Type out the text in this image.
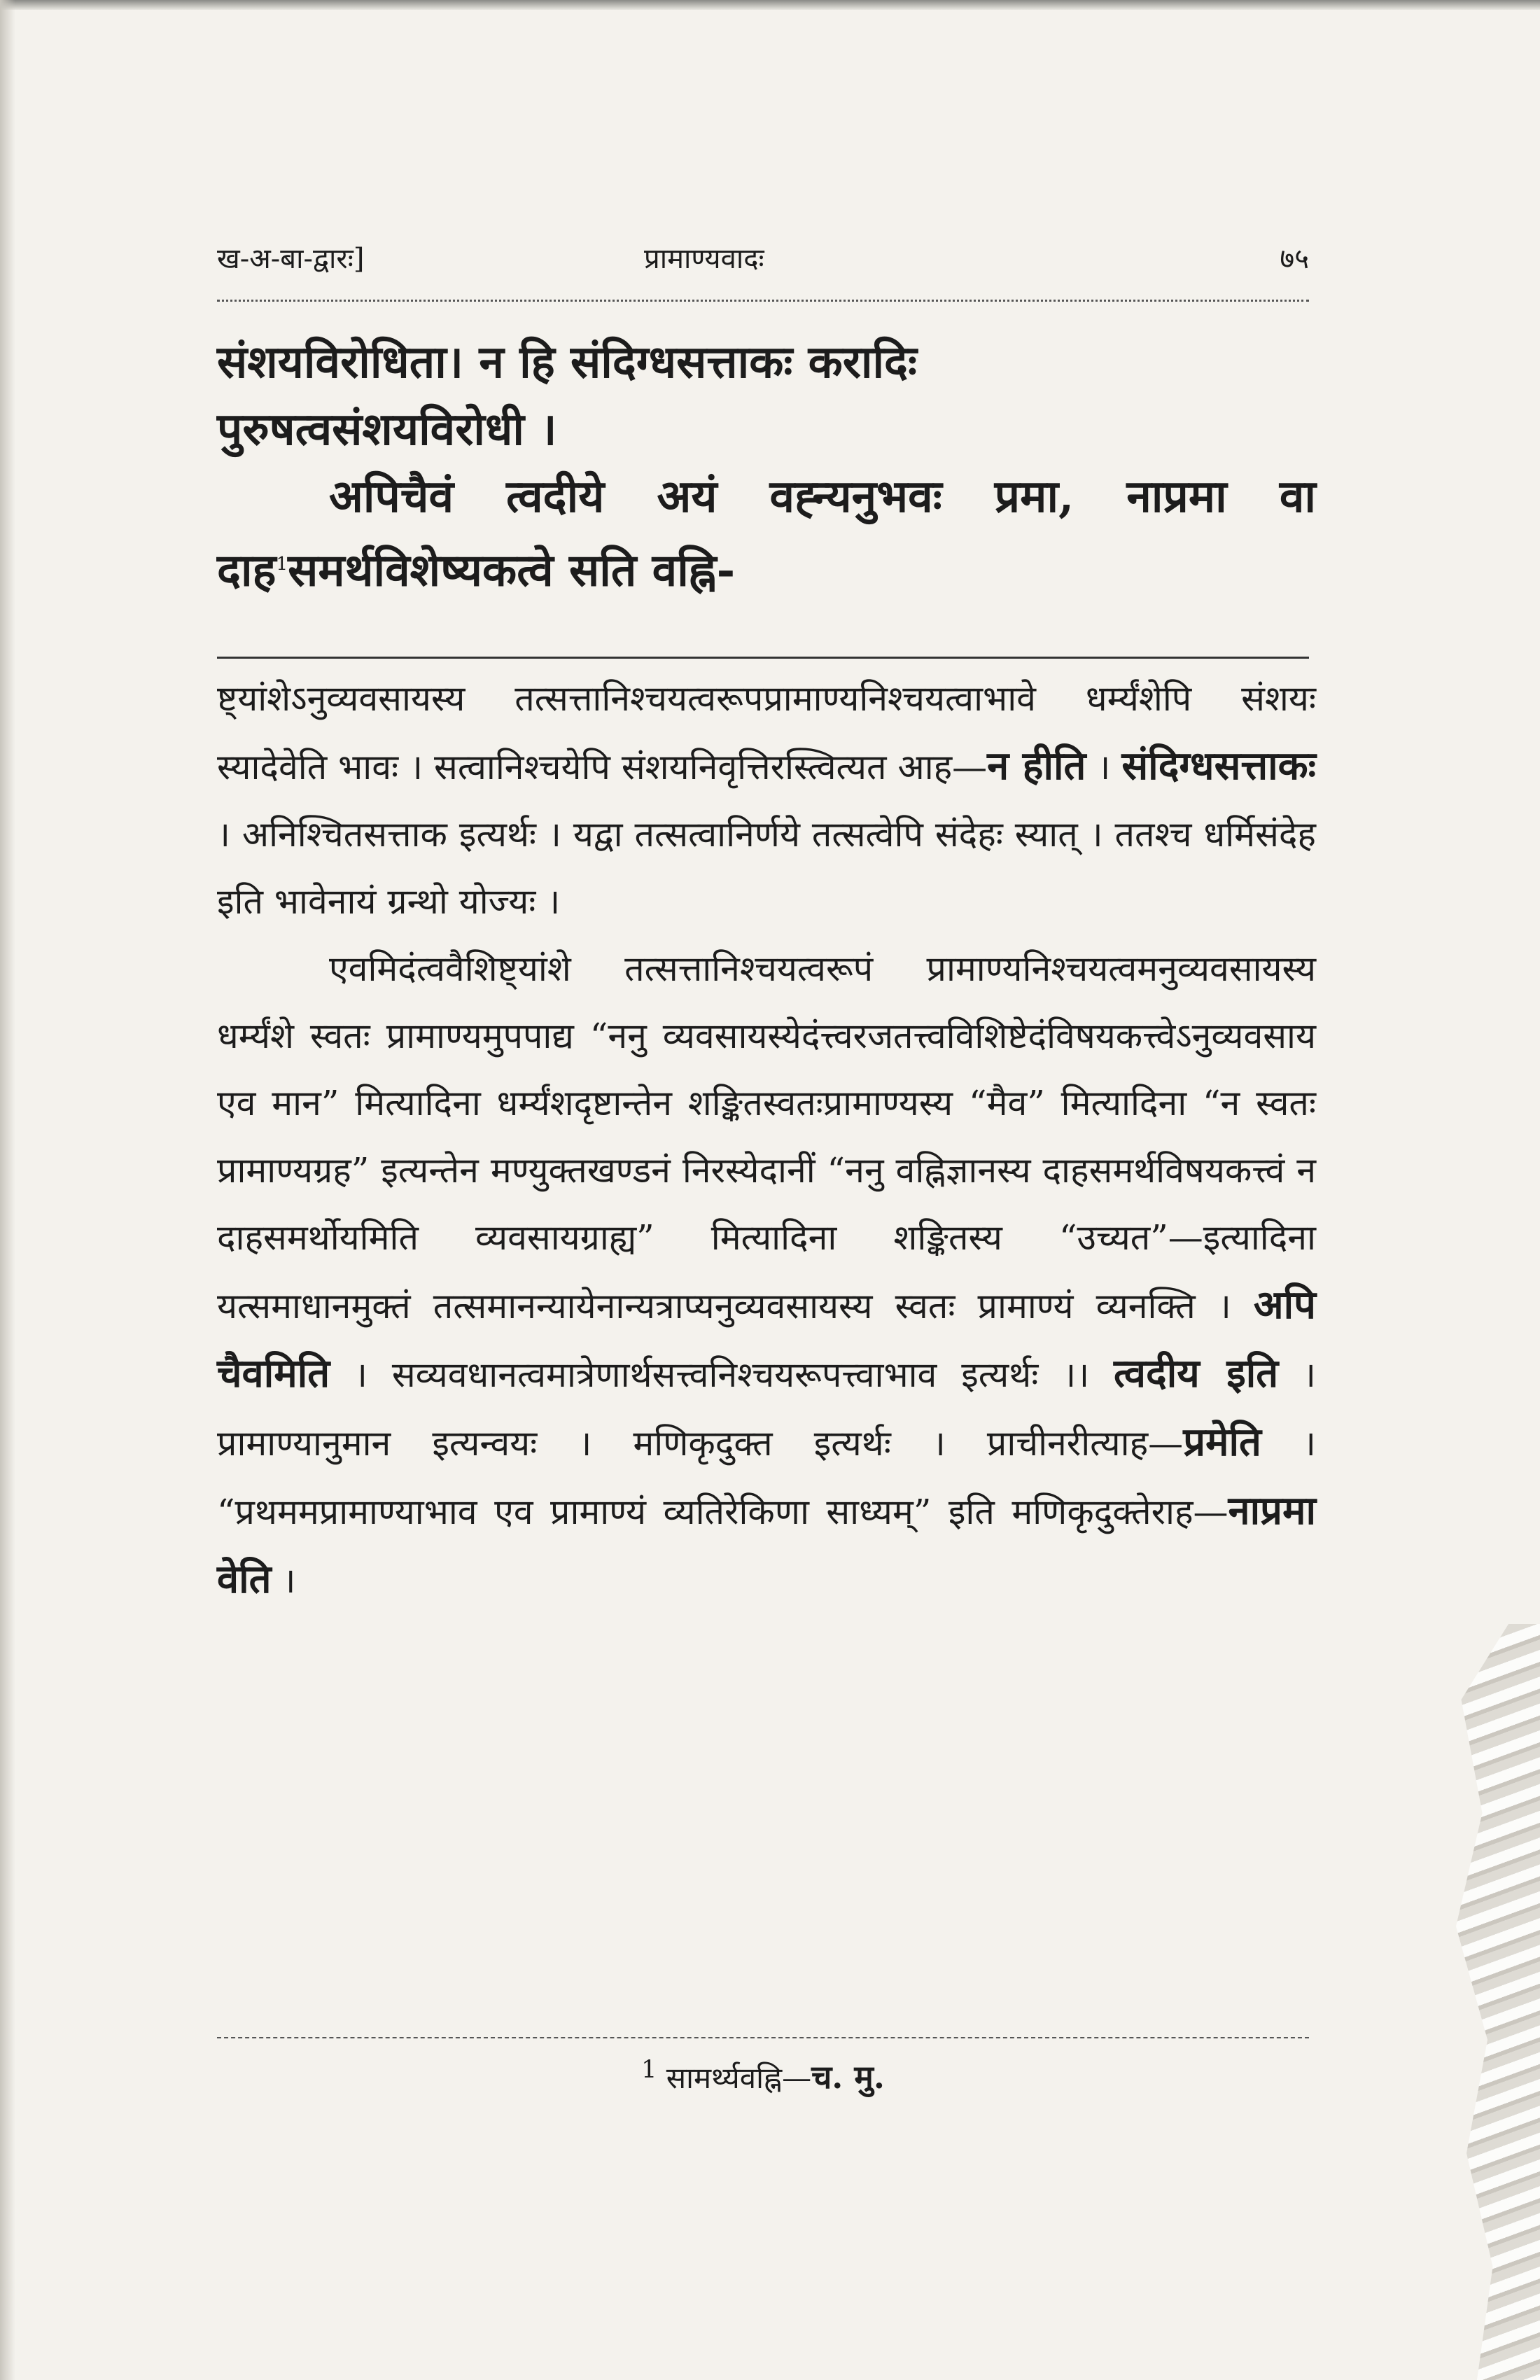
ख-अ-बा-द्वारः]	प्रामाण्यवादः	७५

संशयविरोधिता। न हि संदिग्धसत्ताकः करादिः

पुरुषत्वसंशयविरोधी ।

अपिचैवं त्वदीये अयं वह्न्यनुभवः प्रमा, नाप्रमा वा दाह$^1$समर्थविशेष्यकत्वे सति वह्नि-

ष्ट्यांशेऽनुव्यवसायस्य तत्सत्तानिश्चयत्वरूपप्रामाण्यनिश्चयत्वाभावे धर्म्यंशेपि संशयः स्यादेवेति भावः । सत्वानिश्चयेपि संशयनिवृत्तिरस्त्वित्यत आह—न हीति । संदिग्धसत्ताकः । अनिश्चितसत्ताक इत्यर्थः । यद्वा तत्सत्वानिर्णये तत्सत्वेपि संदेहः स्यात् । ततश्च धर्मिसंदेह इति भावेनायं ग्रन्थो योज्यः ।

एवमिदंत्ववैशिष्ट्यांशे तत्सत्तानिश्चयत्वरूपं प्रामाण्यनिश्चयत्वमनुव्यवसायस्य धर्म्यंशे स्वतः प्रामाण्यमुपपाद्य “ननु व्यवसायस्येदंत्त्वरजतत्त्वविशिष्टेदंविषयकत्त्वेऽनुव्यवसाय एव मान” मित्यादिना धर्म्यंशदृष्टान्तेन शङ्कितस्वतःप्रामाण्यस्य “मैव” मित्यादिना “न स्वतः प्रामाण्यग्रह” इत्यन्तेन मण्युक्तखण्डनं निरस्येदानीं “ननु वह्निज्ञानस्य दाहसमर्थविषयकत्त्वं न दाहसमर्थोयमिति व्यवसायग्राह्य” मित्यादिना शङ्कितस्य “उच्यत”—इत्यादिना यत्समाधानमुक्तं तत्समानन्यायेनान्यत्राप्यनुव्यवसायस्य स्वतः प्रामाण्यं व्यनक्ति । अपि चैवमिति । सव्यवधानत्वमात्रेणार्थसत्त्वनिश्चयरूपत्त्वाभाव इत्यर्थः ।। त्वदीय इति । प्रामाण्यानुमान इत्यन्वयः । मणिकृदुक्त इत्यर्थः । प्राचीनरीत्याह—प्रमेति । “प्रथममप्रामाण्याभाव एव प्रामाण्यं व्यतिरेकिणा साध्यम्” इति मणिकृदुक्तेराह—नाप्रमा वेति ।

$^1$ सामर्थ्यवह्नि—च. मु.
